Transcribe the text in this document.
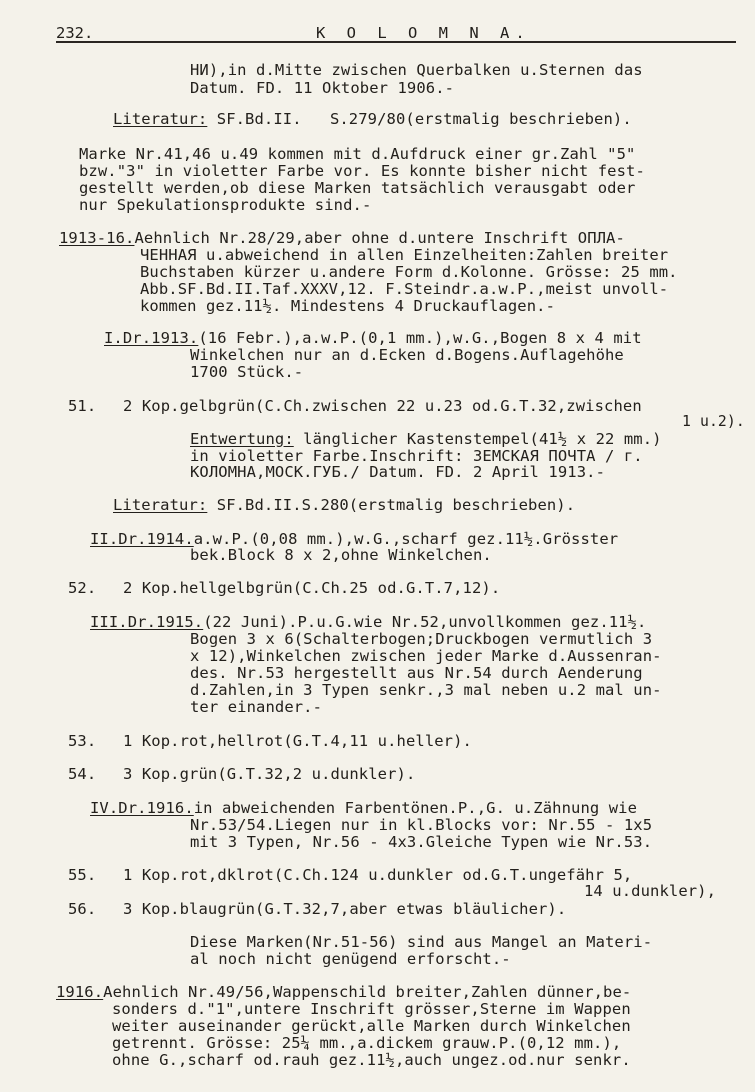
232.	K O L O M N A.
HИ),in d.Mitte zwischen Querbalken u.Sternen das
Datum. FD. 11 Oktober 1906.-
Literatur: SF.Bd.II.   S.279/80(erstmalig beschrieben).
Marke Nr.41,46 u.49 kommen mit d.Aufdruck einer gr.Zahl "5"
bzw."3" in violetter Farbe vor. Es konnte bisher nicht fest-
gestellt werden,ob diese Marken tatsächlich verausgabt oder
nur Spekulationsprodukte sind.-
1913-16.Aehnlich Nr.28/29,aber ohne d.untere Inschrift ОПЛА-
ЧЕННАЯ u.abweichend in allen Einzelheiten:Zahlen breiter
Buchstaben kürzer u.andere Form d.Kolonne. Grösse: 25 mm.
Abb.SF.Bd.II.Taf.XXXV,12. F.Steindr.a.w.P.,meist unvoll-
kommen gez.11½. Mindestens 4 Druckauflagen.-
I.Dr.1913.(16 Febr.),a.w.P.(0,1 mm.),w.G.,Bogen 8 x 4 mit
Winkelchen nur an d.Ecken d.Bogens.Auflagehöhe
1700 Stück.-
51. 2 Kop.gelbgrün(C.Ch.zwischen 22 u.23 od.G.T.32,zwischen
1 u.2).
Entwertung: länglicher Kastenstempel(41½ x 22 mm.)
in violetter Farbe.Inschrift: ЗЕМСКАЯ ПОЧТА / г.
КОЛОМНА,МОСК.ГУБ./ Datum. FD. 2 April 1913.-
Literatur: SF.Bd.II.S.280(erstmalig beschrieben).
II.Dr.1914.a.w.P.(0,08 mm.),w.G.,scharf gez.11½.Grösster
bek.Block 8 x 2,ohne Winkelchen.
52. 2 Kop.hellgelbgrün(C.Ch.25 od.G.T.7,12).
III.Dr.1915.(22 Juni).P.u.G.wie Nr.52,unvollkommen gez.11½.
Bogen 3 x 6(Schalterbogen;Druckbogen vermutlich 3
x 12),Winkelchen zwischen jeder Marke d.Aussenran-
des. Nr.53 hergestellt aus Nr.54 durch Aenderung
d.Zahlen,in 3 Typen senkr.,3 mal neben u.2 mal un-
ter einander.-
53. 1 Kop.rot,hellrot(G.T.4,11 u.heller).
54. 3 Kop.grün(G.T.32,2 u.dunkler).
IV.Dr.1916.in abweichenden Farbentönen.P.,G. u.Zähnung wie
Nr.53/54.Liegen nur in kl.Blocks vor: Nr.55 - 1x5
mit 3 Typen, Nr.56 - 4x3.Gleiche Typen wie Nr.53.
55. 1 Kop.rot,dklrot(C.Ch.124 u.dunkler od.G.T.ungefähr 5,
14 u.dunkler),
56. 3 Kop.blaugrün(G.T.32,7,aber etwas bläulicher).
Diese Marken(Nr.51-56) sind aus Mangel an Materi-
al noch nicht genügend erforscht.-
1916.Aehnlich Nr.49/56,Wappenschild breiter,Zahlen dünner,be-
sonders d."1",untere Inschrift grösser,Sterne im Wappen
weiter auseinander gerückt,alle Marken durch Winkelchen
getrennt. Grösse: 25¼ mm.,a.dickem grauw.P.(0,12 mm.),
ohne G.,scharf od.rauh gez.11½,auch ungez.od.nur senkr.
